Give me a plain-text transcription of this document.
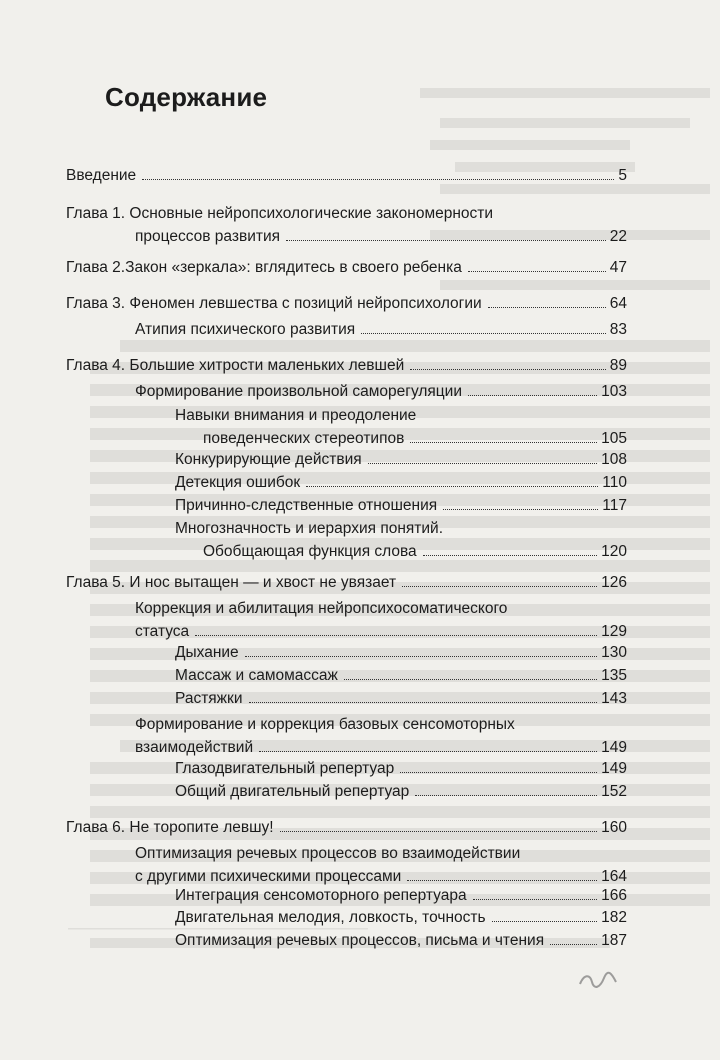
Содержание
Введение	5
Глава 1. Основные нейропсихологические закономерности
процессов развития	22
Глава 2.Закон «зеркала»: вглядитесь в своего ребенка	47
Глава 3. Феномен левшества с позиций нейропсихологии	64
Атипия психического развития	83
Глава 4. Большие хитрости маленьких левшей	89
Формирование произвольной саморегуляции	103
Навыки внимания и преодоление
поведенческих стереотипов	105
Конкурирующие действия	108
Детекция ошибок	110
Причинно-следственные отношения	117
Многозначность и иерархия понятий.
Обобщающая функция слова	120
Глава 5. И нос вытащен — и хвост не увязает	126
Коррекция и абилитация нейропсихосоматического
статуса	129
Дыхание	130
Массаж и самомассаж	135
Растяжки	143
Формирование и коррекция базовых сенсомоторных
взаимодействий	149
Глазодвигательный репертуар	149
Общий двигательный репертуар	152
Глава 6. Не торопите левшу!	160
Оптимизация речевых процессов во взаимодействии
с другими психическими процессами	164
Интеграция сенсомоторного репертуара	166
Двигательная мелодия, ловкость, точность	182
Оптимизация речевых процессов, письма и чтения	187
